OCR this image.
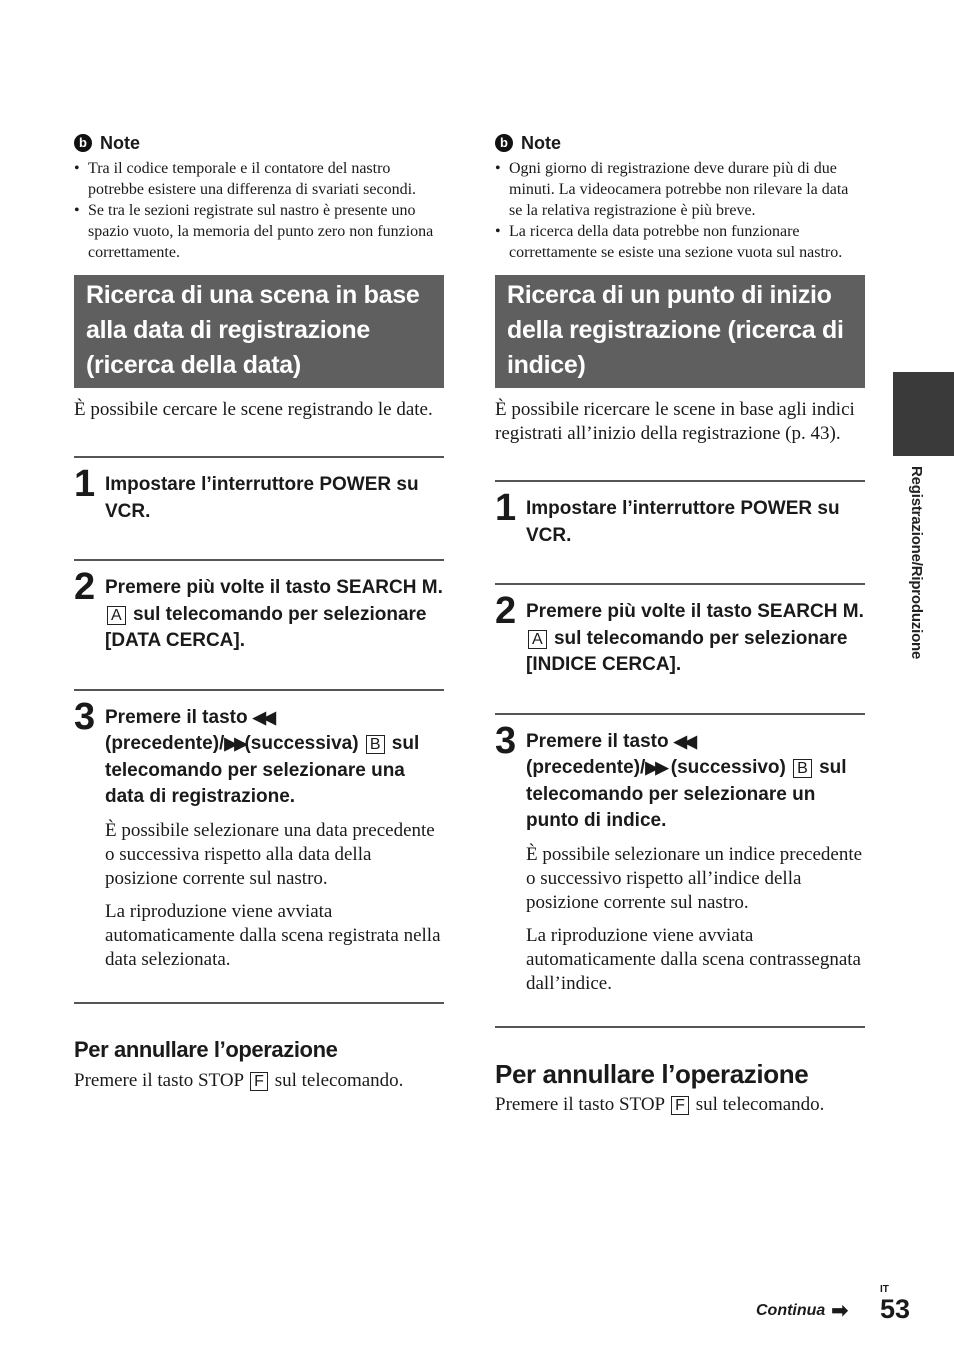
b Note
• Tra il codice temporale e il contatore del nastro potrebbe esistere una differenza di svariati secondi.
• Se tra le sezioni registrate sul nastro è presente uno spazio vuoto, la memoria del punto zero non funziona correttamente.
Ricerca di una scena in base
alla data di registrazione
(ricerca della data)

È possibile cercare le scene registrando le date.

1 Impostare l’interruttore POWER su VCR.
2 Premere più volte il tasto SEARCH M. A sul telecomando per selezionare [DATA CERCA].
3 Premere il tasto ◀◀
(precedente)/▶▶(successiva) B sul telecomando per selezionare una data di registrazione.

È possibile selezionare una data precedente o successiva rispetto alla data della posizione corrente sul nastro.

La riproduzione viene avviata automaticamente dalla scena registrata nella data selezionata.

Per annullare l’operazione
Premere il tasto STOP F sul telecomando.
b Note
• Ogni giorno di registrazione deve durare più di due minuti. La videocamera potrebbe non rilevare la data se la relativa registrazione è più breve.
• La ricerca della data potrebbe non funzionare correttamente se esiste una sezione vuota sul nastro.
Ricerca di un punto di inizio
della registrazione (ricerca di
indice)

È possibile ricercare le scene in base agli indici registrati all’inizio della registrazione (p. 43).

1 Impostare l’interruttore POWER su VCR.
2 Premere più volte il tasto SEARCH M. A sul telecomando per selezionare [INDICE CERCA].
3 Premere il tasto ◀◀
(precedente)/▶▶ (successivo) B sul telecomando per selezionare un punto di indice.

È possibile selezionare un indice precedente o successivo rispetto all’indice della posizione corrente sul nastro.

La riproduzione viene avviata automaticamente dalla scena contrassegnata dall’indice.

Per annullare l’operazione
Premere il tasto STOP F sul telecomando.
Registrazione/Riproduzione
Continua ➡
IT
53
